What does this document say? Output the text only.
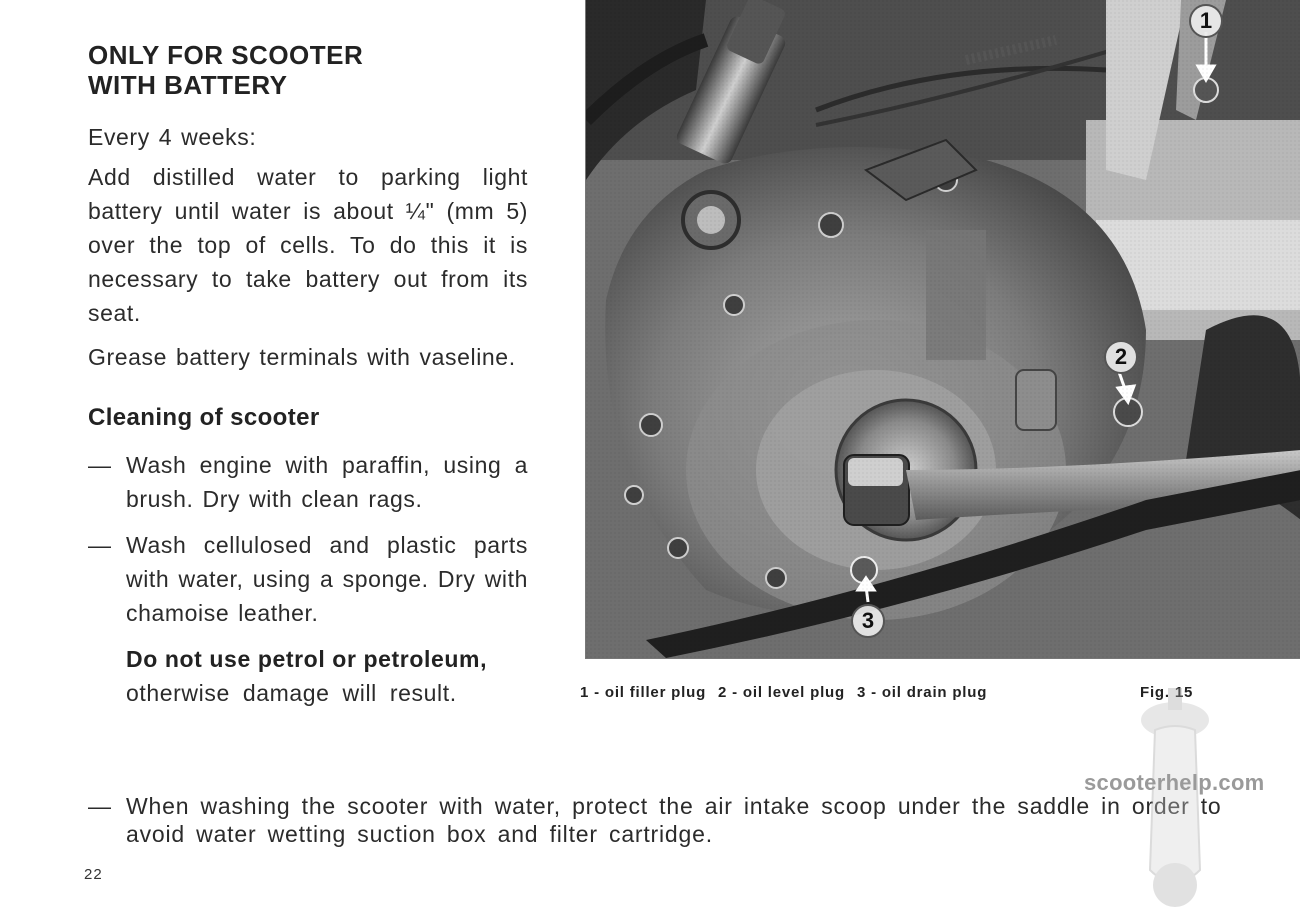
ONLY FOR SCOOTER
WITH BATTERY

Every 4 weeks:

Add distilled water to parking light battery until water is about ¼" (mm 5) over the top of cells. To do this it is necessary to take battery out from its seat.

Grease battery terminals with vaseline.

Cleaning of scooter
— Wash engine with paraffin, using a brush. Dry with clean rags.
— Wash cellulosed and plastic parts with water, using a sponge. Dry with chamoise leather.
Do not use petrol or petroleum,
otherwise damage will result.
— When washing the scooter with water, protect the air intake scoop under the saddle in order to avoid water wetting suction box and filter cartridge.
22
1
2
3
1 - oil filler plug 2 - oil level plug 3 - oil drain plug	Fig. 15
scooterhelp.com
